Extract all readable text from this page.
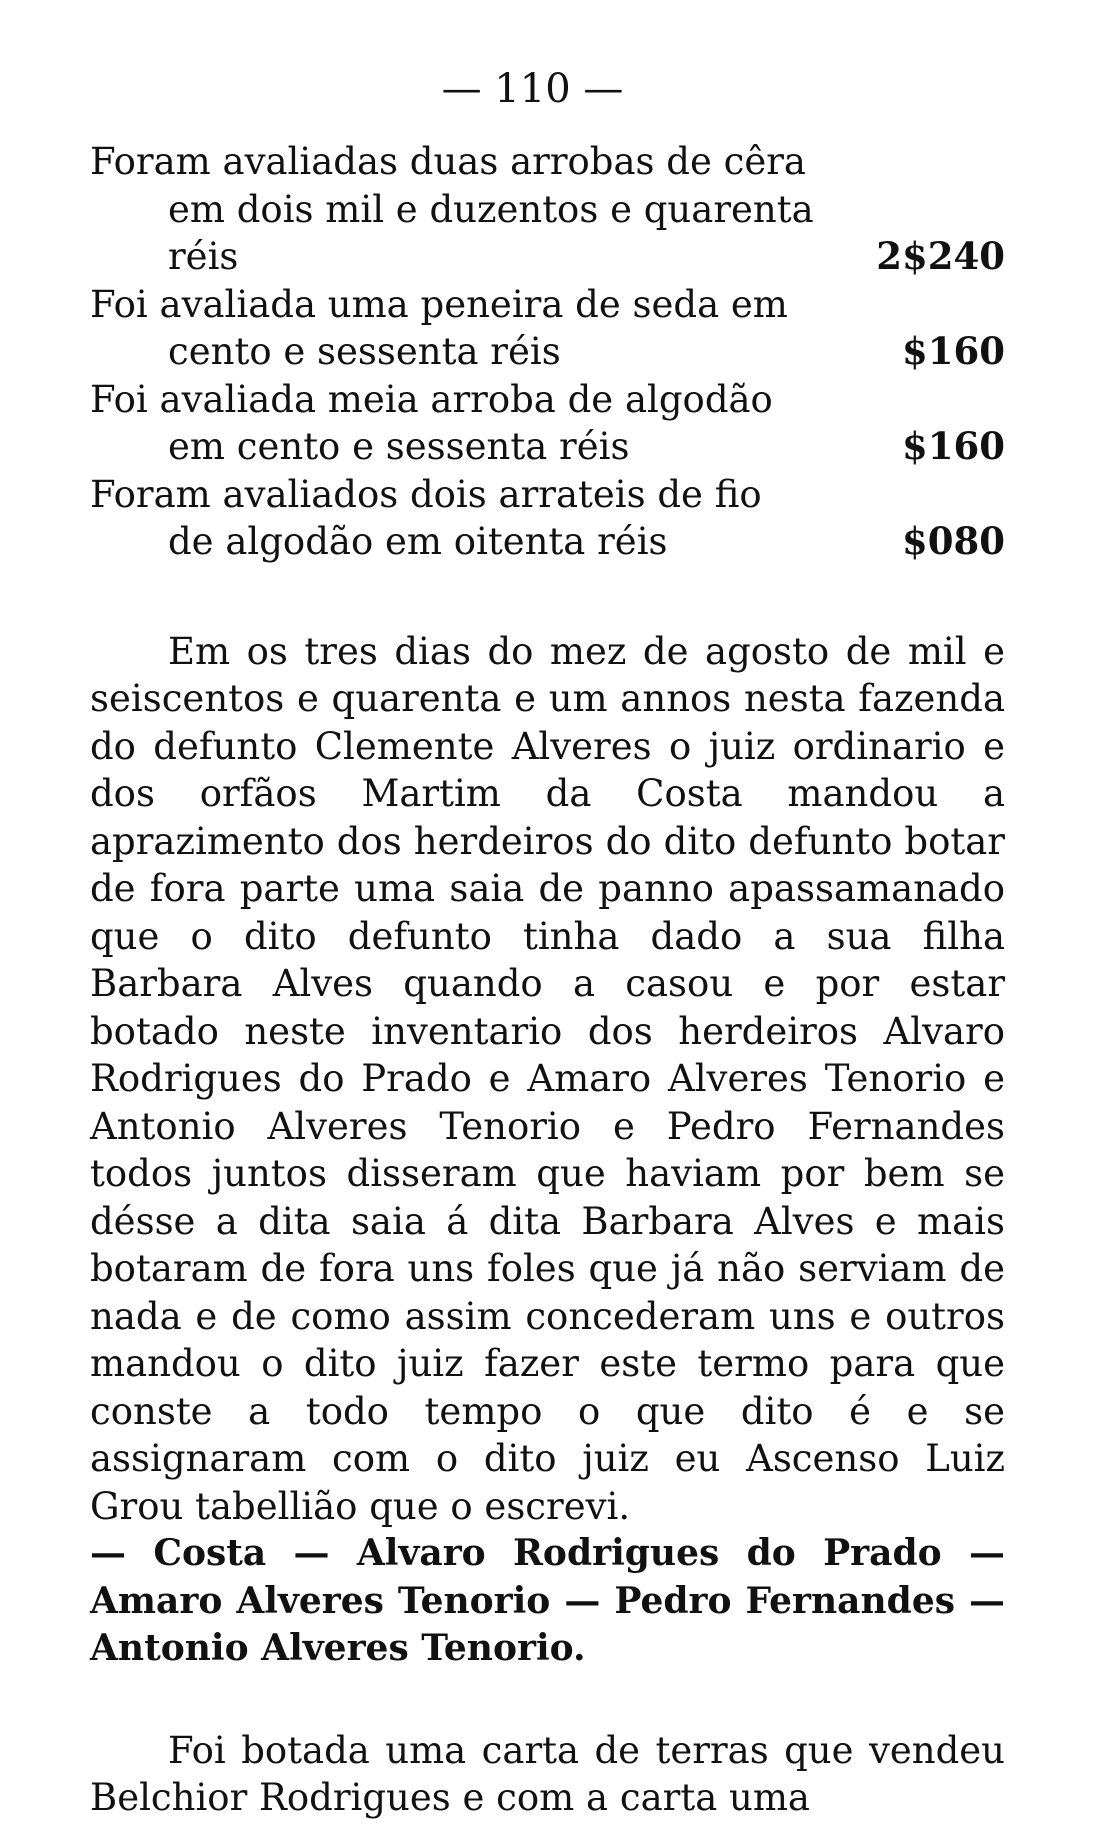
— 110 —
Foram avaliadas duas arrobas de cêra
em dois mil e duzentos e quarenta
réis	2$240
Foi avaliada uma peneira de seda em
cento e sessenta réis	$160
Foi avaliada meia arroba de algodão
em cento e sessenta réis	$160
Foram avaliados dois arrateis de fio
de algodão em oitenta réis	$080

Em os tres dias do mez de agosto de mil e seiscentos e quarenta e um annos nesta fazenda do defunto Clemente Alveres o juiz ordinario e dos orfãos Martim da Costa mandou a aprazimento dos herdeiros do dito defunto botar de fora parte uma saia de panno apassamanado que o dito defunto tinha dado a sua filha Barbara Alves quando a casou e por estar botado neste inventario dos herdeiros Alvaro Rodrigues do Prado e Amaro Alveres Tenorio e Antonio Alveres Tenorio e Pedro Fernandes todos juntos disseram que haviam por bem se désse a dita saia á dita Barbara Alves e mais botaram de fora uns foles que já não serviam de nada e de como assim concederam uns e outros mandou o dito juiz fazer este termo para que conste a todo tempo o que dito é e se assignaram com o dito juiz eu Ascenso Luiz Grou tabellião que o escrevi.

— Costa — Alvaro Rodrigues do Prado — Amaro Alveres Tenorio — Pedro Fernandes — Antonio Alveres Tenorio.

Foi botada uma carta de terras que vendeu Belchior Rodrigues e com a carta uma
